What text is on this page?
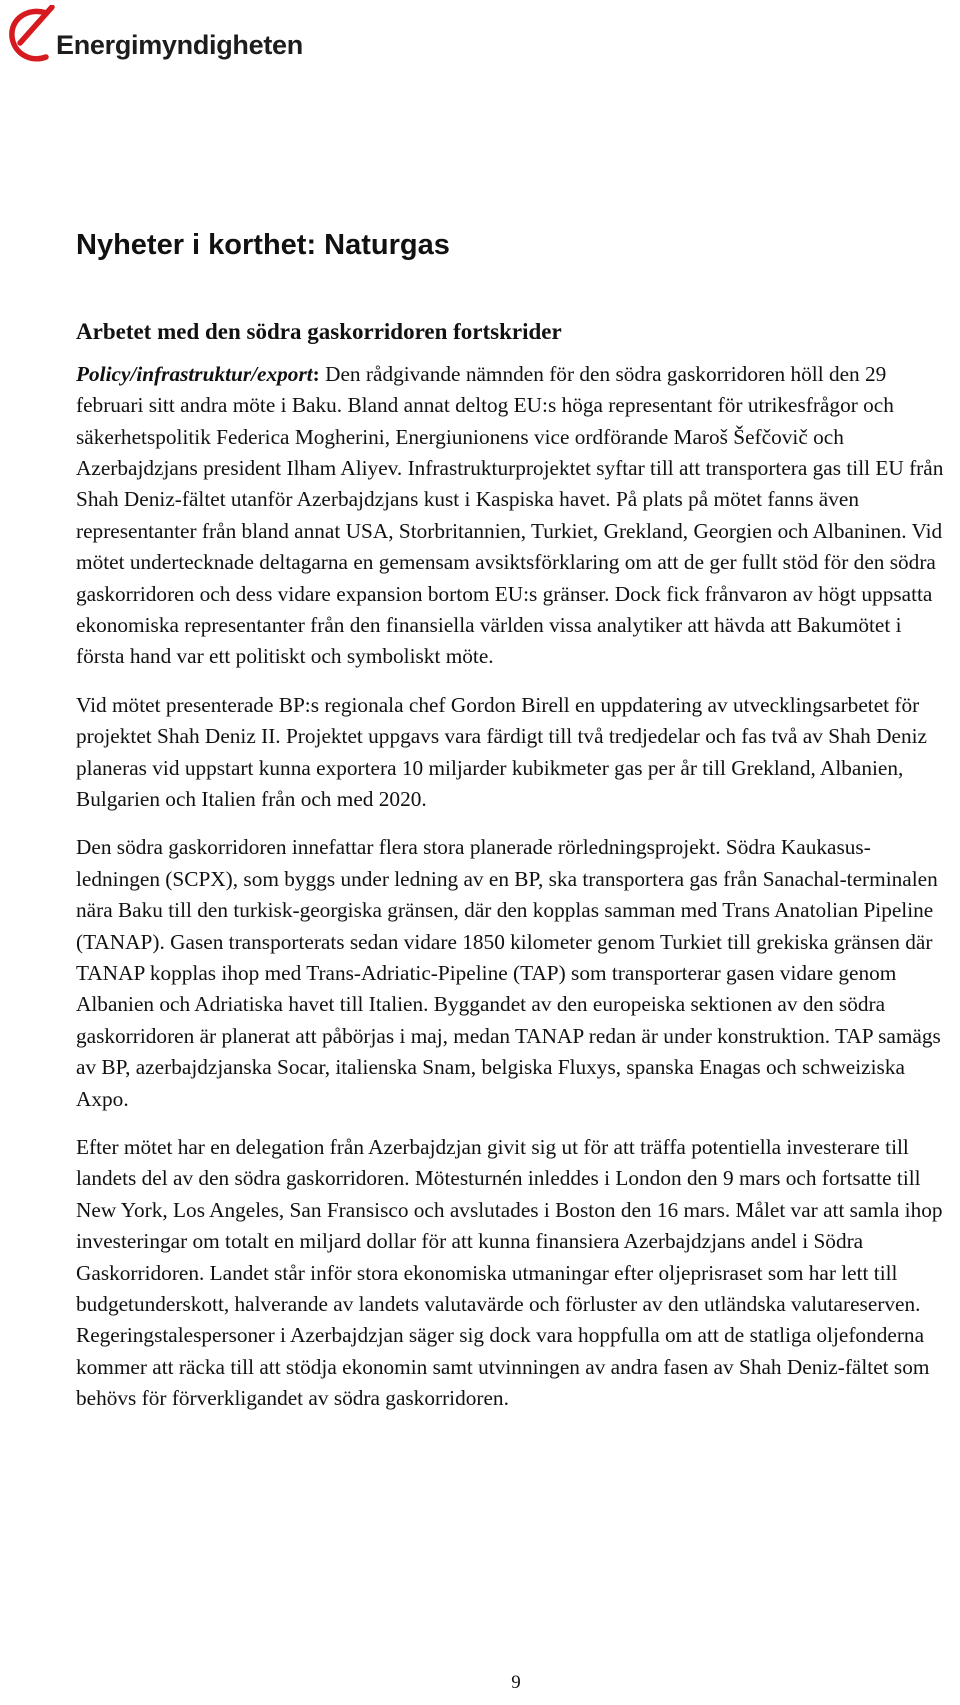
Energimyndigheten
Nyheter i korthet: Naturgas
Arbetet med den södra gaskorridoren fortskrider

Policy/infrastruktur/export: Den rådgivande nämnden för den södra gaskorridoren höll den 29 februari sitt andra möte i Baku. Bland annat deltog EU:s höga representant för utrikesfrågor och säkerhetspolitik Federica Mogherini, Energiunionens vice ordförande Maroš Šefčovič och Azerbajdzjans president Ilham Aliyev. Infrastrukturprojektet syftar till att transportera gas till EU från Shah Deniz-fältet utanför Azerbajdzjans kust i Kaspiska havet. På plats på mötet fanns även representanter från bland annat USA, Storbritannien, Turkiet, Grekland, Georgien och Albaninen. Vid mötet undertecknade deltagarna en gemensam avsiktsförklaring om att de ger fullt stöd för den södra gaskorridoren och dess vidare expansion bortom EU:s gränser. Dock fick frånvaron av högt uppsatta ekonomiska representanter från den finansiella världen vissa analytiker att hävda att Bakumötet i första hand var ett politiskt och symboliskt möte.

Vid mötet presenterade BP:s regionala chef Gordon Birell en uppdatering av utvecklingsarbetet för projektet Shah Deniz II. Projektet uppgavs vara färdigt till två tredjedelar och fas två av Shah Deniz planeras vid uppstart kunna exportera 10 miljarder kubikmeter gas per år till Grekland, Albanien, Bulgarien och Italien från och med 2020.

Den södra gaskorridoren innefattar flera stora planerade rörledningsprojekt. Södra Kaukasus-ledningen (SCPX), som byggs under ledning av en BP, ska transportera gas från Sanachal-terminalen nära Baku till den turkisk-georgiska gränsen, där den kopplas samman med Trans Anatolian Pipeline (TANAP). Gasen transporterats sedan vidare 1850 kilometer genom Turkiet till grekiska gränsen där TANAP kopplas ihop med Trans-Adriatic-Pipeline (TAP) som transporterar gasen vidare genom Albanien och Adriatiska havet till Italien. Byggandet av den europeiska sektionen av den södra gaskorridoren är planerat att påbörjas i maj, medan TANAP redan är under konstruktion. TAP samägs av BP, azerbajdzjanska Socar, italienska Snam, belgiska Fluxys, spanska Enagas och schweiziska Axpo.

Efter mötet har en delegation från Azerbajdzjan givit sig ut för att träffa potentiella investerare till landets del av den södra gaskorridoren. Mötesturnén inleddes i London den 9 mars och fortsatte till New York, Los Angeles, San Fransisco och avslutades i Boston den 16 mars. Målet var att samla ihop investeringar om totalt en miljard dollar för att kunna finansiera Azerbajdzjans andel i Södra Gaskorridoren. Landet står inför stora ekonomiska utmaningar efter oljeprisraset som har lett till budgetunderskott, halverande av landets valutavärde och förluster av den utländska valutareserven. Regeringstalespersoner i Azerbajdzjan säger sig dock vara hoppfulla om att de statliga oljefonderna kommer att räcka till att stödja ekonomin samt utvinningen av andra fasen av Shah Deniz-fältet som behövs för förverkligandet av södra gaskorridoren.

9
